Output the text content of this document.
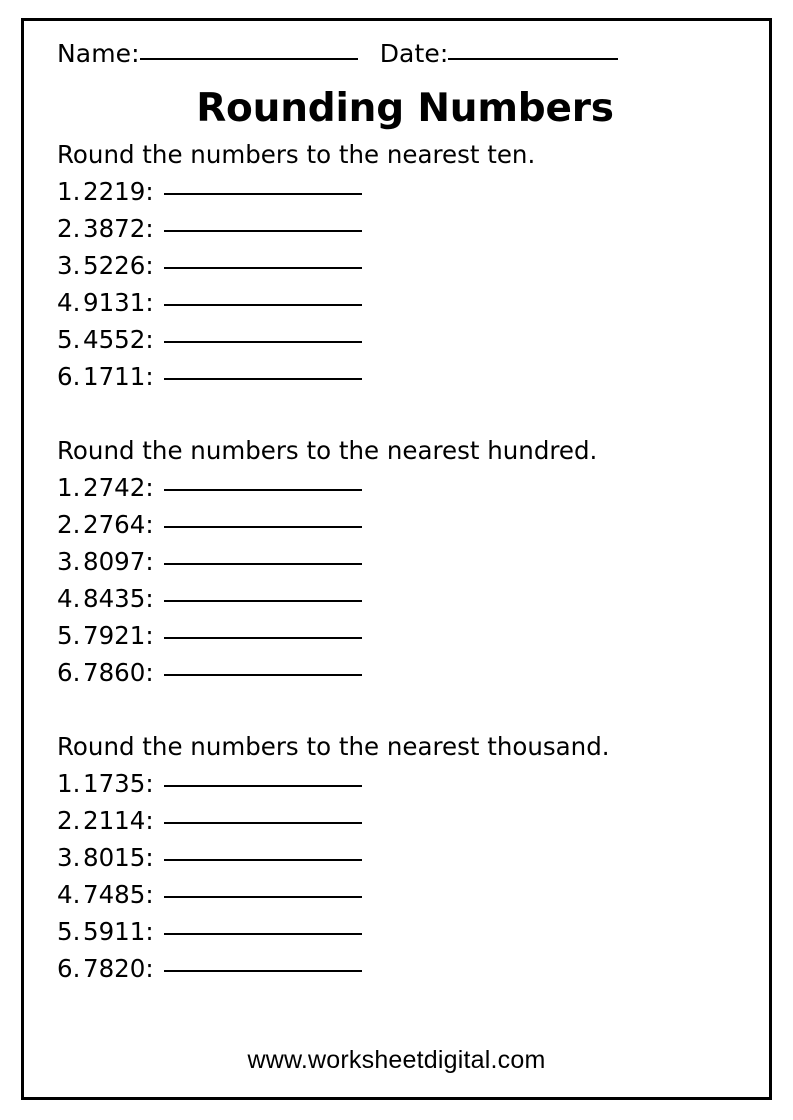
Name:	Date:
Rounding Numbers
Round the numbers to the nearest ten.
1. 2219:
2. 3872:
3. 5226:
4. 9131:
5. 4552:
6. 1711:
Round the numbers to the nearest hundred.
1. 2742:
2. 2764:
3. 8097:
4. 8435:
5. 7921:
6. 7860:
Round the numbers to the nearest thousand.
1. 1735:
2. 2114:
3. 8015:
4. 7485:
5. 5911:
6. 7820:
www.worksheetdigital.com
